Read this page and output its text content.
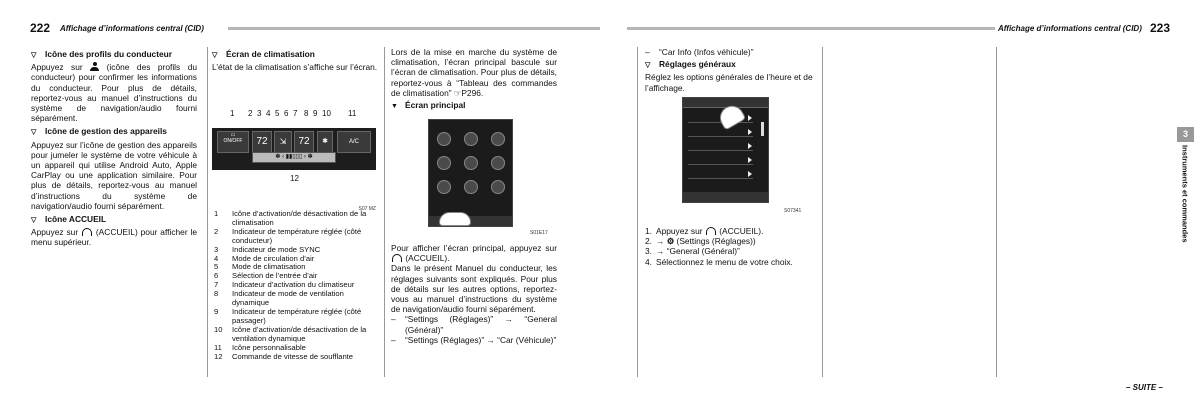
222 Affichage d’informations central (CID)	Affichage d’informations central (CID) 223
▽ Icône des profils du conducteur

Appuyez sur	(icône des profils du conducteur) pour confirmer les informations du conducteur. Pour plus de détails, reportez-vous au manuel d’instructions du système de navigation/audio fourni séparément.

▽ Icône de gestion des appareils

Appuyez sur l’icône de gestion des appareils pour jumeler le système de votre véhicule à un appareil qui utilise Android Auto, Apple CarPlay ou une application similaire. Pour plus de détails, reportez-vous au manuel d’instructions du système de navigation/audio fourni séparément.

▽ Icône ACCUEIL

Appuyez sur (ACCUEIL) pour afficher le menu supérieur.

▽ Écran de climatisation

L’état de la climatisation s’affiche sur l’écran.

1 2 3 4 5 6 7 8 9 10 11
▭
ON/OFF	72	⇲	72	✱	A/C
✽ ‹ ▮▮▯▯▯ › ✽
12
S07 MZ
1	Icône d’activation/de désactivation de la climatisation
2	Indicateur de température réglée (côté conducteur)
3	Indicateur de mode SYNC
4	Mode de circulation d’air
5	Mode de climatisation
6	Sélection de l’entrée d’air
7	Indicateur d’activation du climatiseur
8	Indicateur de mode de ventilation dynamique
9	Indicateur de température réglée (côté passager)
10	Icône d’activation/de désactivation de la ventilation dynamique
11	Icône personnalisable
12	Commande de vitesse de soufflante

Lors de la mise en marche du système de climatisation, l’écran principal bascule sur l’écran de climatisation. Pour plus de détails, reportez-vous à “Tableau des commandes de climatisation” ☞P296.

▼ Écran principal
S01E17

Pour afficher l’écran principal, appuyez sur  (ACCUEIL).

Dans le présent Manuel du conducteur, les réglages suivants sont expliqués. Pour plus de détails sur les autres options, reportez-vous au manuel d’instructions du système de navigation/audio fourni séparément.

–	“Settings (Réglages)” → “General (Général)”

–	“Settings (Réglages)” → “Car (Véhicule)”

–	“Car Info (Infos véhicule)”

▽ Réglages généraux

Réglez les options générales de l’heure et de l’affichage.

S07341

1. Appuyez sur (ACCUEIL).

2. → ⚙ (Settings (Réglages))

3. → “General (Général)”

4. Sélectionnez le menu de votre choix.

3
Instruments et commandes
– SUITE –
